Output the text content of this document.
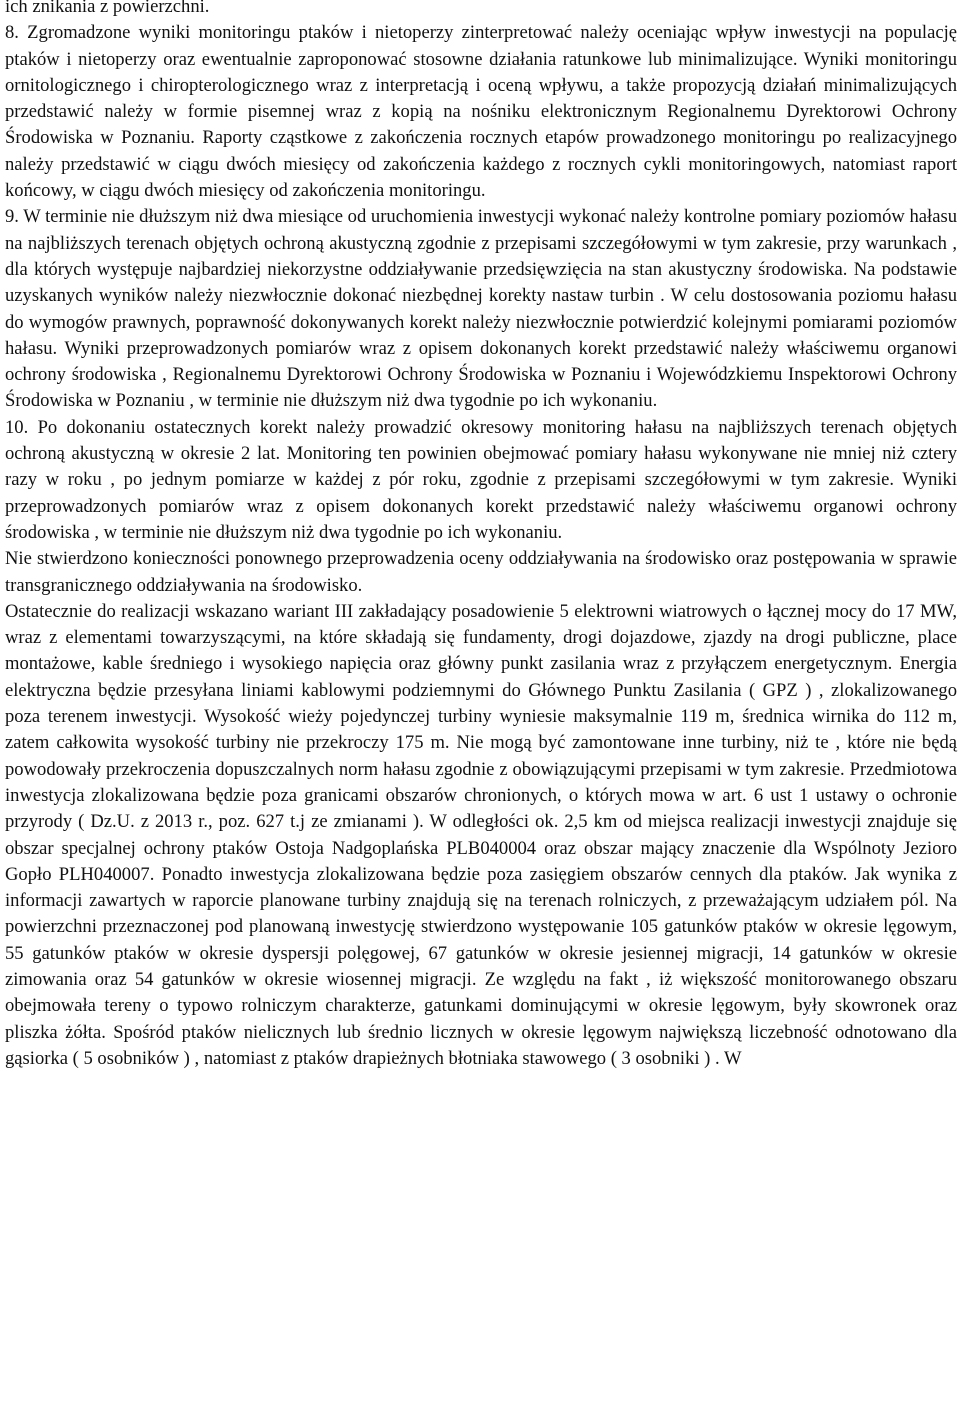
ich znikania z powierzchni.

8. Zgromadzone wyniki monitoringu ptaków i nietoperzy zinterpretować należy oceniając wpływ inwestycji na populację ptaków i nietoperzy oraz ewentualnie zaproponować stosowne działania ratunkowe lub minimalizujące. Wyniki monitoringu ornitologicznego i chiropterologicznego wraz z interpretacją i oceną wpływu, a także propozycją działań minimalizujących przedstawić należy w formie pisemnej wraz z kopią na nośniku elektronicznym Regionalnemu Dyrektorowi Ochrony Środowiska w Poznaniu. Raporty cząstkowe z zakończenia rocznych etapów prowadzonego monitoringu po realizacyjnego należy przedstawić w ciągu dwóch miesięcy od zakończenia każdego z rocznych cykli monitoringowych, natomiast raport końcowy, w ciągu dwóch miesięcy od zakończenia monitoringu.

9. W terminie nie dłuższym niż dwa miesiące od uruchomienia inwestycji wykonać należy kontrolne pomiary poziomów hałasu na najbliższych terenach objętych ochroną akustyczną zgodnie z przepisami szczegółowymi w tym zakresie, przy warunkach , dla których występuje najbardziej niekorzystne oddziaływanie przedsięwzięcia na stan akustyczny środowiska. Na podstawie uzyskanych wyników należy niezwłocznie dokonać niezbędnej korekty nastaw turbin . W celu dostosowania poziomu hałasu do wymogów prawnych, poprawność dokonywanych korekt należy niezwłocznie potwierdzić kolejnymi pomiarami poziomów hałasu. Wyniki przeprowadzonych pomiarów wraz z opisem dokonanych korekt przedstawić należy właściwemu organowi ochrony środowiska , Regionalnemu Dyrektorowi Ochrony Środowiska w Poznaniu i Wojewódzkiemu Inspektorowi Ochrony Środowiska w Poznaniu , w terminie nie dłuższym niż dwa tygodnie po ich wykonaniu.

10. Po dokonaniu ostatecznych korekt należy prowadzić okresowy monitoring hałasu na najbliższych terenach objętych ochroną akustyczną w okresie 2 lat. Monitoring ten powinien obejmować pomiary hałasu wykonywane nie mniej niż cztery razy w roku , po jednym pomiarze w każdej z pór roku, zgodnie z przepisami szczegółowymi w tym zakresie. Wyniki przeprowadzonych pomiarów wraz z opisem dokonanych korekt przedstawić należy właściwemu organowi ochrony środowiska , w terminie nie dłuższym niż dwa tygodnie po ich wykonaniu.

Nie stwierdzono konieczności ponownego przeprowadzenia oceny oddziaływania na środowisko oraz postępowania w sprawie transgranicznego oddziaływania na środowisko.

Ostatecznie do realizacji wskazano wariant III zakładający posadowienie 5 elektrowni wiatrowych o łącznej mocy do 17 MW, wraz z elementami towarzyszącymi, na które składają się fundamenty, drogi dojazdowe, zjazdy na drogi publiczne, place montażowe, kable średniego i wysokiego napięcia oraz główny punkt zasilania wraz z przyłączem energetycznym. Energia elektryczna będzie przesyłana liniami kablowymi podziemnymi do Głównego Punktu Zasilania ( GPZ ) , zlokalizowanego poza terenem inwestycji. Wysokość wieży pojedynczej turbiny wyniesie maksymalnie 119 m, średnica wirnika do 112 m, zatem całkowita wysokość turbiny nie przekroczy 175 m. Nie mogą być zamontowane inne turbiny, niż te , które nie będą powodowały przekroczenia dopuszczalnych norm hałasu zgodnie z obowiązującymi przepisami w tym zakresie. Przedmiotowa inwestycja zlokalizowana będzie poza granicami obszarów chronionych, o których mowa w art. 6 ust 1 ustawy o ochronie przyrody ( Dz.U. z 2013 r., poz. 627 t.j ze zmianami ). W odległości ok. 2,5 km od miejsca realizacji inwestycji znajduje się obszar specjalnej ochrony ptaków Ostoja Nadgoplańska PLB040004 oraz obszar mający znaczenie dla Wspólnoty Jezioro Gopło PLH040007. Ponadto inwestycja zlokalizowana będzie poza zasięgiem obszarów cennych dla ptaków. Jak wynika z informacji zawartych w raporcie planowane turbiny znajdują się na terenach rolniczych, z przeważającym udziałem pól. Na powierzchni przeznaczonej pod planowaną inwestycję stwierdzono występowanie 105 gatunków ptaków w okresie lęgowym, 55 gatunków ptaków w okresie dyspersji polęgowej, 67 gatunków w okresie jesiennej migracji, 14 gatunków w okresie zimowania oraz 54 gatunków w okresie wiosennej migracji. Ze względu na fakt , iż większość monitorowanego obszaru obejmowała tereny o typowo rolniczym charakterze, gatunkami dominującymi w okresie lęgowym, były skowronek oraz pliszka żółta. Spośród ptaków nielicznych lub średnio licznych w okresie lęgowym największą liczebność odnotowano dla gąsiorka ( 5 osobników ) , natomiast z ptaków drapieżnych błotniaka stawowego ( 3 osobniki ) . W
